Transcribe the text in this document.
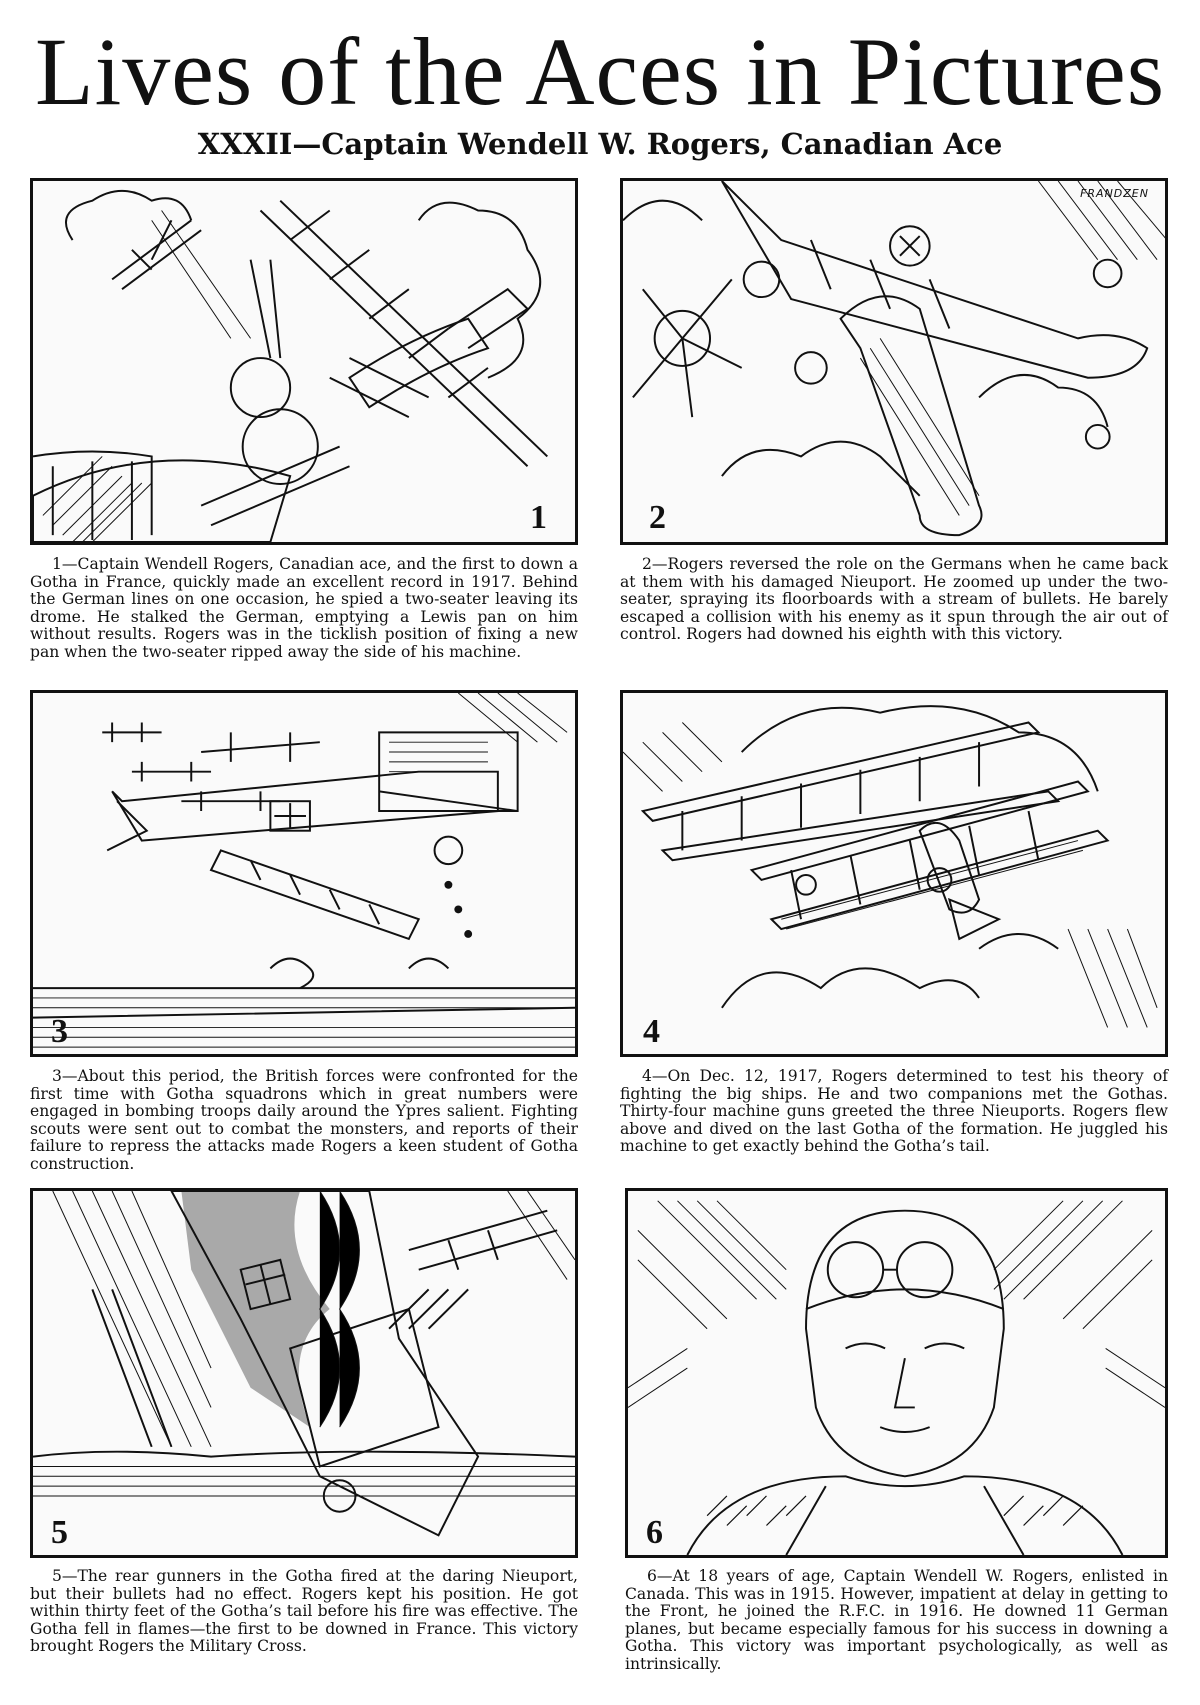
Lives of the Aces in Pictures
XXXII—Captain Wendell W. Rogers, Canadian Ace
1

1—Captain Wendell Rogers, Canadian ace, and the first to down a Gotha in France, quickly made an excellent record in 1917. Behind the German lines on one occasion, he spied a two-seater leaving its drome. He stalked the German, emptying a Lewis pan on him without results. Rogers was in the ticklish position of fixing a new pan when the two-seater ripped away the side of his machine.

FRANDZEN
2

2—Rogers reversed the role on the Germans when he came back at them with his damaged Nieuport. He zoomed up under the two-seater, spraying its floorboards with a stream of bullets. He barely escaped a collision with his enemy as it spun through the air out of control. Rogers had downed his eighth with this victory.

3

3—About this period, the British forces were confronted for the first time with Gotha squadrons which in great numbers were engaged in bombing troops daily around the Ypres salient. Fighting scouts were sent out to combat the monsters, and reports of their failure to repress the attacks made Rogers a keen student of Gotha construction.

4

4—On Dec. 12, 1917, Rogers determined to test his theory of fighting the big ships. He and two companions met the Gothas. Thirty-four machine guns greeted the three Nieuports. Rogers flew above and dived on the last Gotha of the formation. He juggled his machine to get exactly behind the Gotha’s tail.

5

5—The rear gunners in the Gotha fired at the daring Nieuport, but their bullets had no effect. Rogers kept his position. He got within thirty feet of the Gotha’s tail before his fire was effective. The Gotha fell in flames—the first to be downed in France. This victory brought Rogers the Military Cross.

6

6—At 18 years of age, Captain Wendell W. Rogers, enlisted in Canada. This was in 1915. However, impatient at delay in getting to the Front, he joined the R.F.C. in 1916. He downed 11 German planes, but became especially famous for his success in downing a Gotha. This victory was important psychologically, as well as intrinsically.
